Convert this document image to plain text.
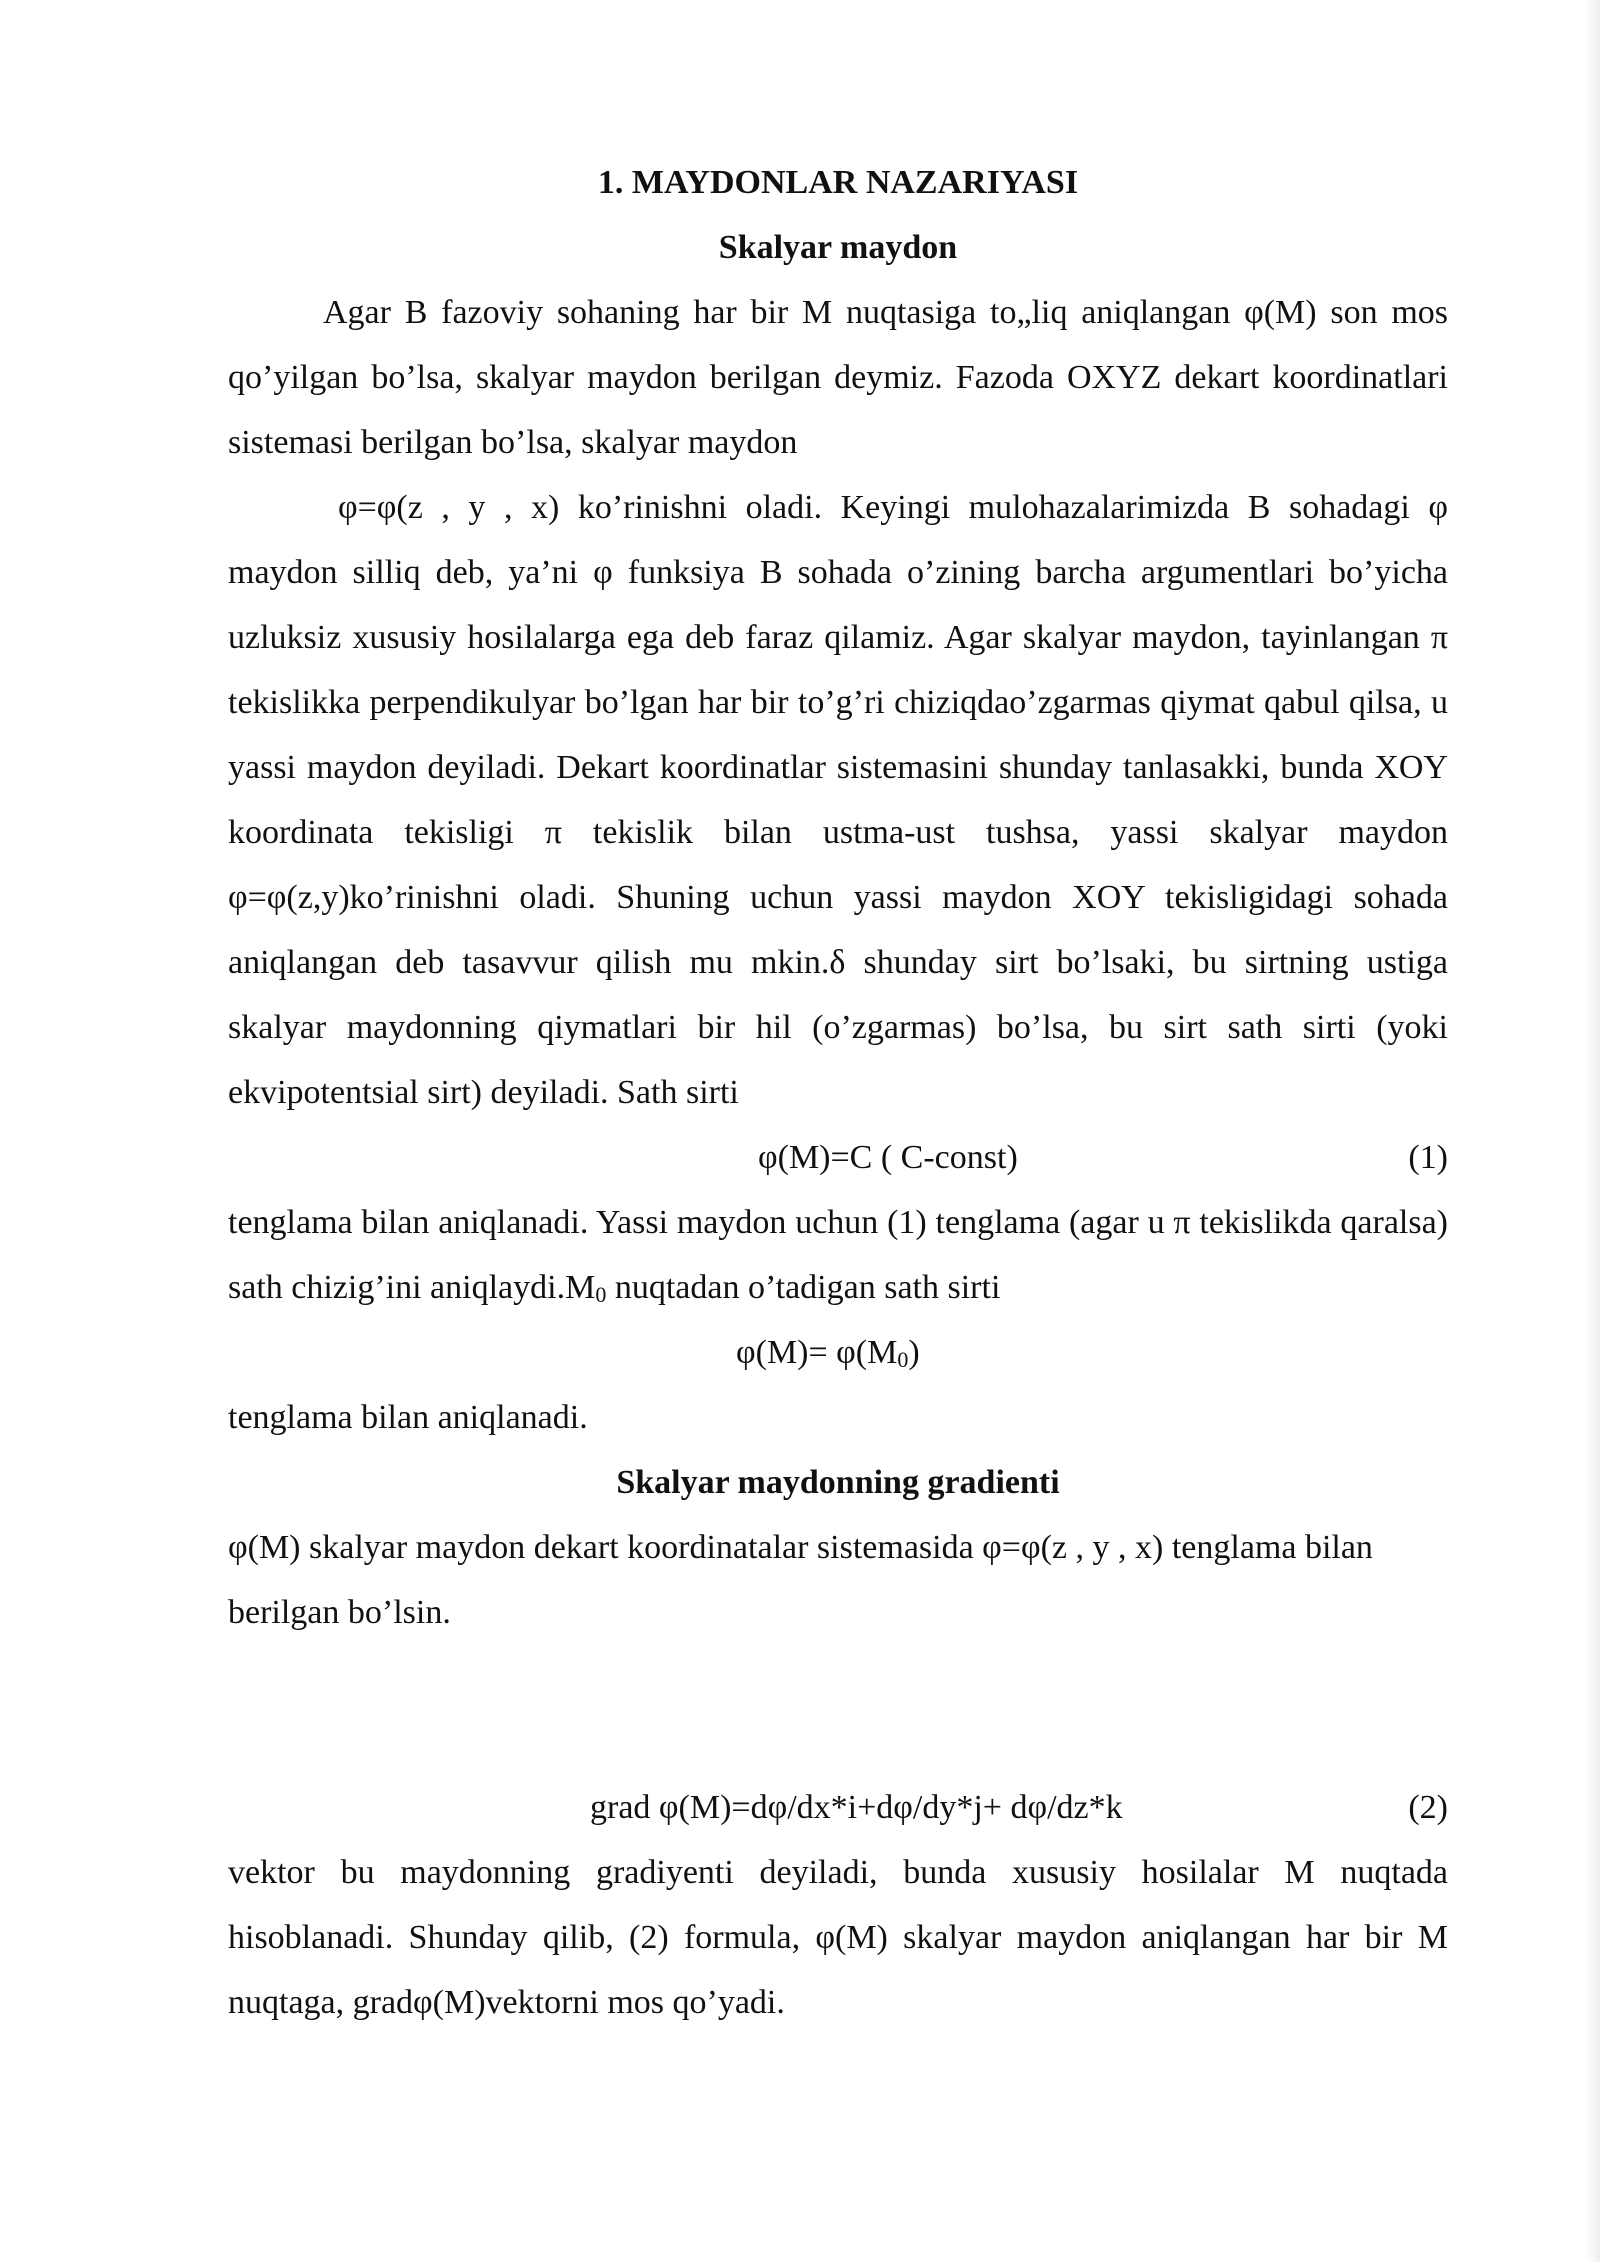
1. MAYDONLAR NAZARIYASI
Skalyar maydon

Agar B fazoviy sohaning har bir M nuqtasiga to„liq aniqlangan φ(M) son mos qo’yilgan bo’lsa, skalyar maydon berilgan deymiz. Fazoda OXYZ dekart koordinatlari sistemasi berilgan bo’lsa, skalyar maydon

φ=φ(z , y , x) ko’rinishni oladi. Keyingi mulohazalarimizda B sohadagi φ maydon silliq deb, ya’ni φ funksiya B sohada o’zining barcha argumentlari bo’yicha uzluksiz xususiy hosilalarga ega deb faraz qilamiz. Agar skalyar maydon, tayinlangan π tekislikka perpendikulyar bo’lgan har bir to’g’ri chiziqdao’zgarmas qiymat qabul qilsa, u yassi maydon deyiladi. Dekart koordinatlar sistemasini shunday tanlasakki, bunda XOY koordinata tekisligi π tekislik bilan ustma-ust tushsa, yassi skalyar maydon φ=φ(z,y)ko’rinishni oladi. Shuning uchun yassi maydon XOY tekisligidagi sohada aniqlangan deb tasavvur qilish mu mkin.δ shunday sirt bo’lsaki, bu sirtning ustiga skalyar maydonning qiymatlari bir hil (o’zgarmas) bo’lsa, bu sirt sath sirti (yoki ekvipotentsial sirt) deyiladi. Sath sirti

φ(M)=C ( C-const)	(1)

tenglama bilan aniqlanadi. Yassi maydon uchun (1) tenglama (agar u π tekislikda qaralsa) sath chizig’ini $aniqlaydi.M_0$ nuqtadan o’tadigan sath sirti

$\varphi(M)= \varphi(M_0)$

tenglama bilan aniqlanadi.

Skalyar maydonning gradienti

φ(M) skalyar maydon dekart koordinatalar sistemasida φ=φ(z , y , x) tenglama bilan berilgan bo’lsin.

grad φ(M)=dφ/dx*i+dφ/dy*j+ dφ/dz*k	(2)

vektor bu maydonning gradiyenti deyiladi, bunda xususiy hosilalar M nuqtada hisoblanadi. Shunday qilib, (2) formula, φ(M) skalyar maydon aniqlangan har bir M nuqtaga, gradφ(M)vektorni mos qo’yadi.
